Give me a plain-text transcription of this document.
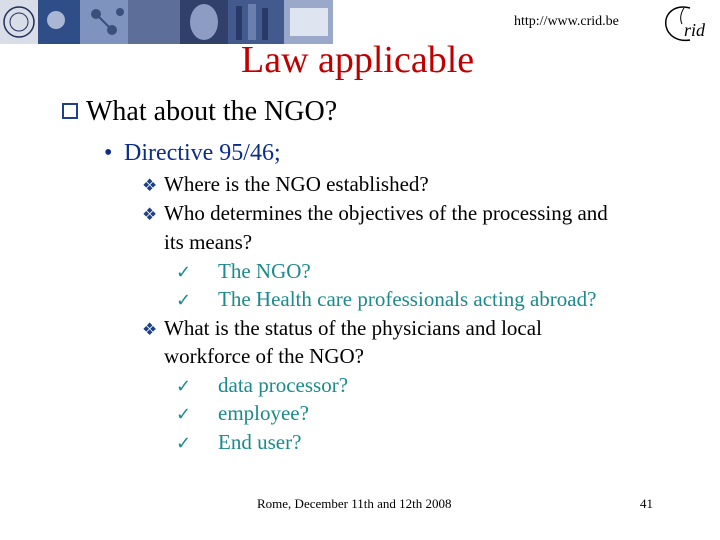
http://www.crid.be	rid
Law applicable
What about the NGO?
• Directive 95/46;
❖ Where is the NGO established?
❖ Who determines the objectives of the processing and
its means?
✓ The NGO?
✓ The Health care professionals acting abroad?
❖ What is the status of the physicians and local
workforce of the NGO?
✓ data processor?
✓ employee?
✓ End user?
Rome, December 11th and 12th 2008	41
